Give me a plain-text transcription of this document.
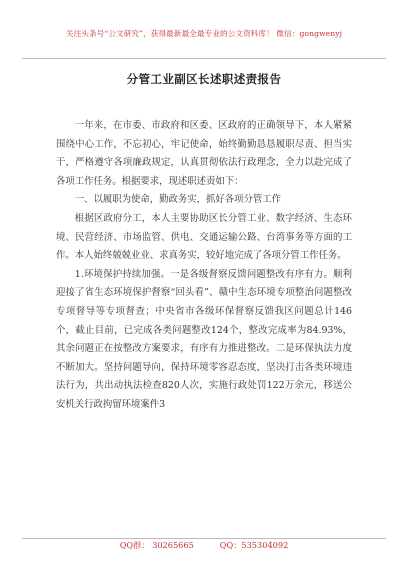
关注头条号“公文研究”，获得最新最全最专业的公文资料库！ 微信：gongwenyj
分管工业副区长述职述责报告

一年来，在市委、市政府和区委、区政府的正确领导下，本人紧紧围绕中心工作，不忘初心，牢记使命，始终勤勤恳恳履职尽责、担当实干，严格遵守各项廉政规定，认真贯彻依法行政理念，全力以赴完成了各项工作任务。根据要求，现述职述责如下：

一、以履职为使命，勤政务实，抓好各项分管工作

根据区政府分工，本人主要协助区长分管工业、数字经济、生态环境、民营经济、市场监管、供电、交通运输公路、台湾事务等方面的工作。本人始终兢兢业业、求真务实，较好地完成了各项分管工作任务。

1.环境保护持续加强。一是各级督察反馈问题整改有序有力。顺利迎接了省生态环境保护督察“回头看”、赣中生态环境专项整治问题整改专项督导等专项督查；中央省市各级环保督察反馈我区问题总计146个，截止目前，已完成各类问题整改124个，整改完成率为84.93%，其余问题正在按整改方案要求，有序有力推进整改。二是环保执法力度不断加大。坚持问题导向，保持环境零容忍态度，坚决打击各类环境违法行为，共出动执法检查820人次，实施行政处罚122万余元，移送公安机关行政拘留环境案件3

QQ群： 30265665	QQ：535304092
